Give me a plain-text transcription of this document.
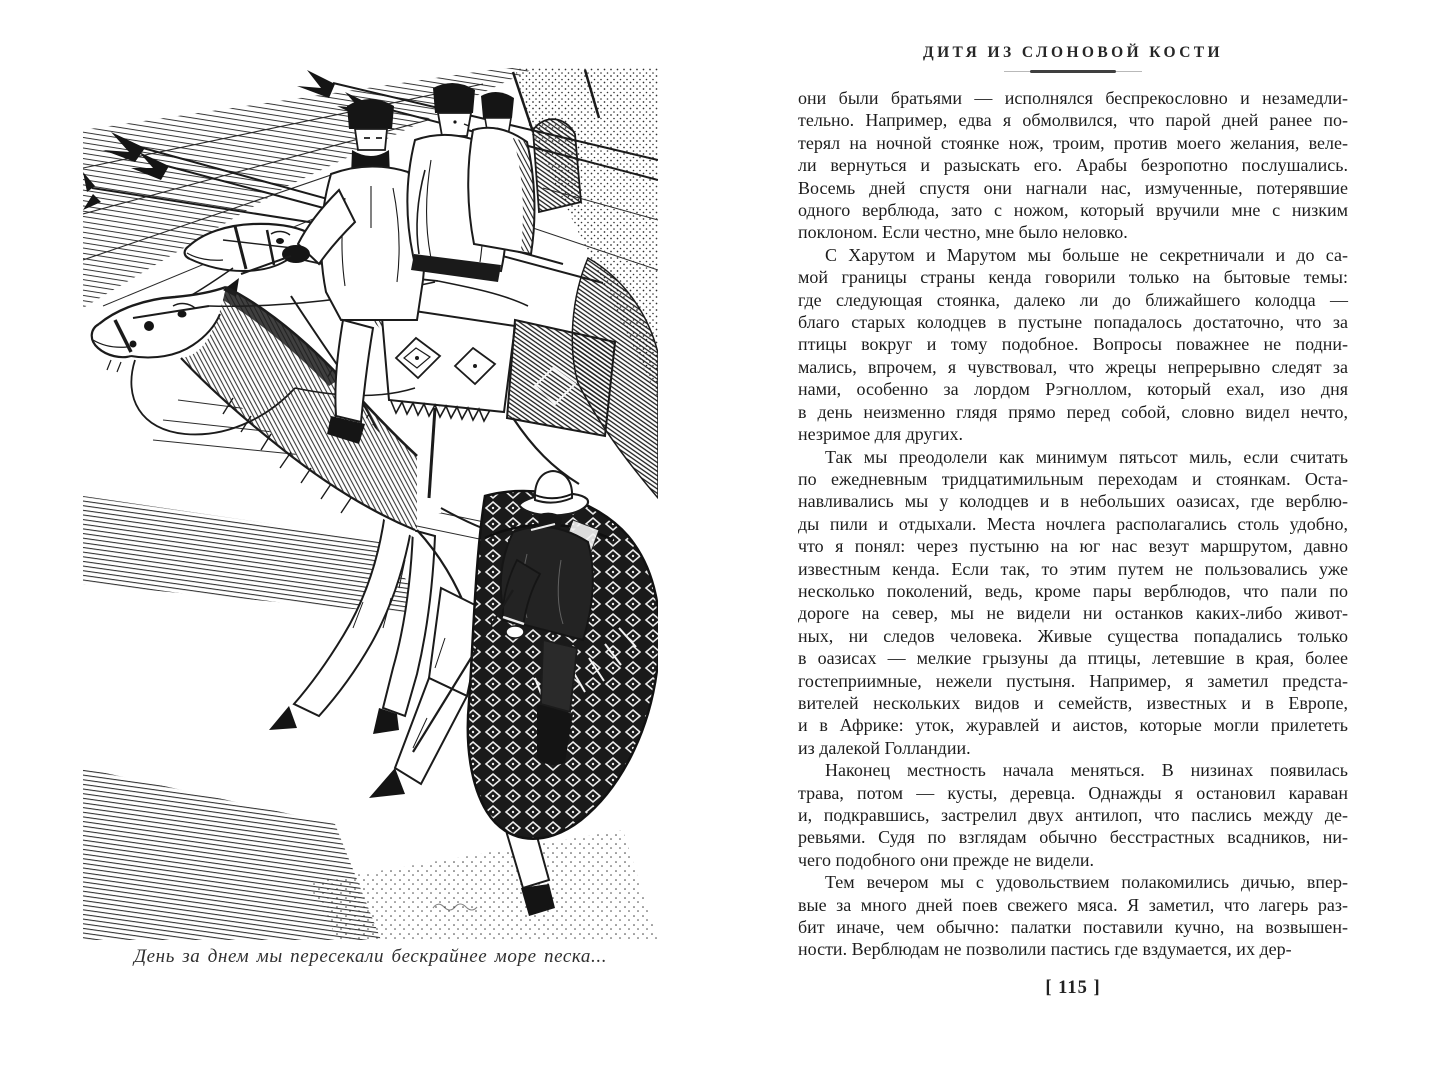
День за днем мы пересекали бескрайнее море песка...
ДИТЯ ИЗ СЛОНОВОЙ КОСТИ
они были братьями — исполнялся беспрекословно и незамедли-
тельно. Например, едва я обмолвился, что парой дней ранее по-
терял на ночной стоянке нож, троим, против моего желания, веле-
ли вернуться и разыскать его. Арабы безропотно послушались.
Восемь дней спустя они нагнали нас, измученные, потерявшие
одного верблюда, зато с ножом, который вручили мне с низким
поклоном. Если честно, мне было неловко.
С Харутом и Марутом мы больше не секретничали и до са-
мой границы страны кенда говорили только на бытовые темы:
где следующая стоянка, далеко ли до ближайшего колодца —
благо старых колодцев в пустыне попадалось достаточно, что за
птицы вокруг и тому подобное. Вопросы поважнее не подни-
мались, впрочем, я чувствовал, что жрецы непрерывно следят за
нами, особенно за лордом Рэгноллом, который ехал, изо дня
в день неизменно глядя прямо перед собой, словно видел нечто,
незримое для других.
Так мы преодолели как минимум пятьсот миль, если считать
по ежедневным тридцатимильным переходам и стоянкам. Оста-
навливались мы у колодцев и в небольших оазисах, где верблю-
ды пили и отдыхали. Места ночлега располагались столь удобно,
что я понял: через пустыню на юг нас везут маршрутом, давно
известным кенда. Если так, то этим путем не пользовались уже
несколько поколений, ведь, кроме пары верблюдов, что пали по
дороге на север, мы не видели ни останков каких-либо живот-
ных, ни следов человека. Живые существа попадались только
в оазисах — мелкие грызуны да птицы, летевшие в края, более
гостеприимные, нежели пустыня. Например, я заметил предста-
вителей нескольких видов и семейств, известных и в Европе,
и в Африке: уток, журавлей и аистов, которые могли прилететь
из далекой Голландии.
Наконец местность начала меняться. В низинах появилась
трава, потом — кусты, деревца. Однажды я остановил караван
и, подкравшись, застрелил двух антилоп, что паслись между де-
ревьями. Судя по взглядам обычно бесстрастных всадников, ни-
чего подобного они прежде не видели.
Тем вечером мы с удовольствием полакомились дичью, впер-
вые за много дней поев свежего мяса. Я заметил, что лагерь раз-
бит иначе, чем обычно: палатки поставили кучно, на возвышен-
ности. Верблюдам не позволили пастись где вздумается, их дер-
[ 115 ]
